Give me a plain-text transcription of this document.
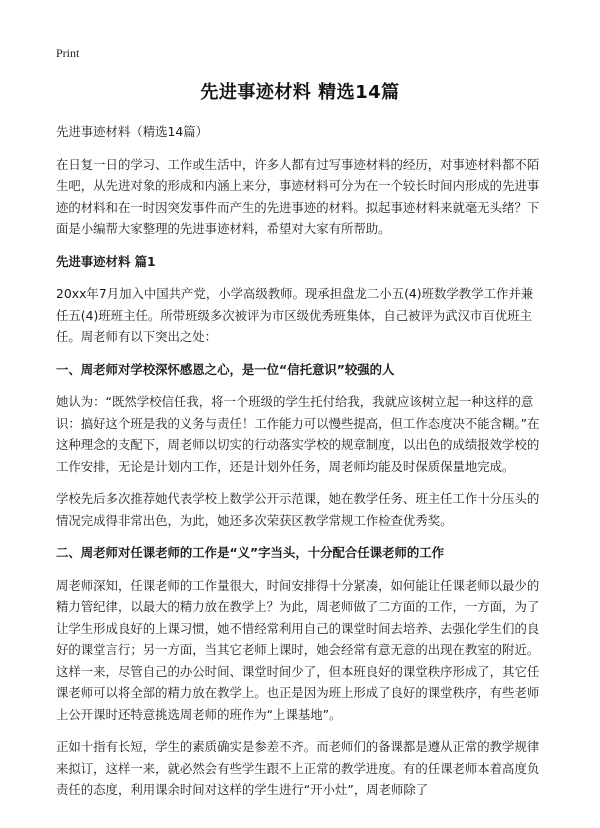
Print
先进事迹材料 精选14篇

先进事迹材料（精选14篇）

在日复一日的学习、工作或生活中，许多人都有过写事迹材料的经历，对事迹材料都不陌生吧，从先进对象的形成和内涵上来分，事迹材料可分为在一个较长时间内形成的先进事迹的材料和在一时因突发事件而产生的先进事迹的材料。拟起事迹材料来就毫无头绪？下面是小编帮大家整理的先进事迹材料，希望对大家有所帮助。

先进事迹材料 篇1

20xx年7月加入中国共产党，小学高级教师。现承担盘龙二小五(4)班数学教学工作并兼任五(4)班班主任。所带班级多次被评为市区级优秀班集体，自己被评为武汉市百优班主任。周老师有以下突出之处：

一、周老师对学校深怀感恩之心，是一位“信托意识”较强的人

她认为：“既然学校信任我，将一个班级的学生托付给我，我就应该树立起一种这样的意识：搞好这个班是我的义务与责任！工作能力可以慢些提高，但工作态度决不能含糊。”在这种理念的支配下，周老师以切实的行动落实学校的规章制度，以出色的成绩报效学校的工作安排，无论是计划内工作，还是计划外任务，周老师均能及时保质保量地完成。

学校先后多次推荐她代表学校上数学公开示范课，她在教学任务、班主任工作十分压头的情况完成得非常出色，为此，她还多次荣获区教学常规工作检查优秀奖。

二、周老师对任课老师的工作是“义”字当头，十分配合任课老师的工作

周老师深知，任课老师的工作量很大，时间安排得十分紧凑，如何能让任课老师以最少的精力管纪律，以最大的精力放在教学上？为此，周老师做了二方面的工作，一方面，为了让学生形成良好的上课习惯，她不惜经常利用自己的课堂时间去培养、去强化学生们的良好的课堂言行；另一方面，当其它老师上课时，她会经常有意无意的出现在教室的附近。这样一来，尽管自己的办公时间、课堂时间少了，但本班良好的课堂秩序形成了，其它任课老师可以将全部的精力放在教学上。也正是因为班上形成了良好的课堂秩序，有些老师上公开课时还特意挑选周老师的班作为“上课基地”。

正如十指有长短，学生的素质确实是参差不齐。而老师们的备课都是遵从正常的教学规律来拟订，这样一来，就必然会有些学生跟不上正常的教学进度。有的任课老师本着高度负责任的态度，利用课余时间对这样的学生进行“开小灶”，周老师除了
